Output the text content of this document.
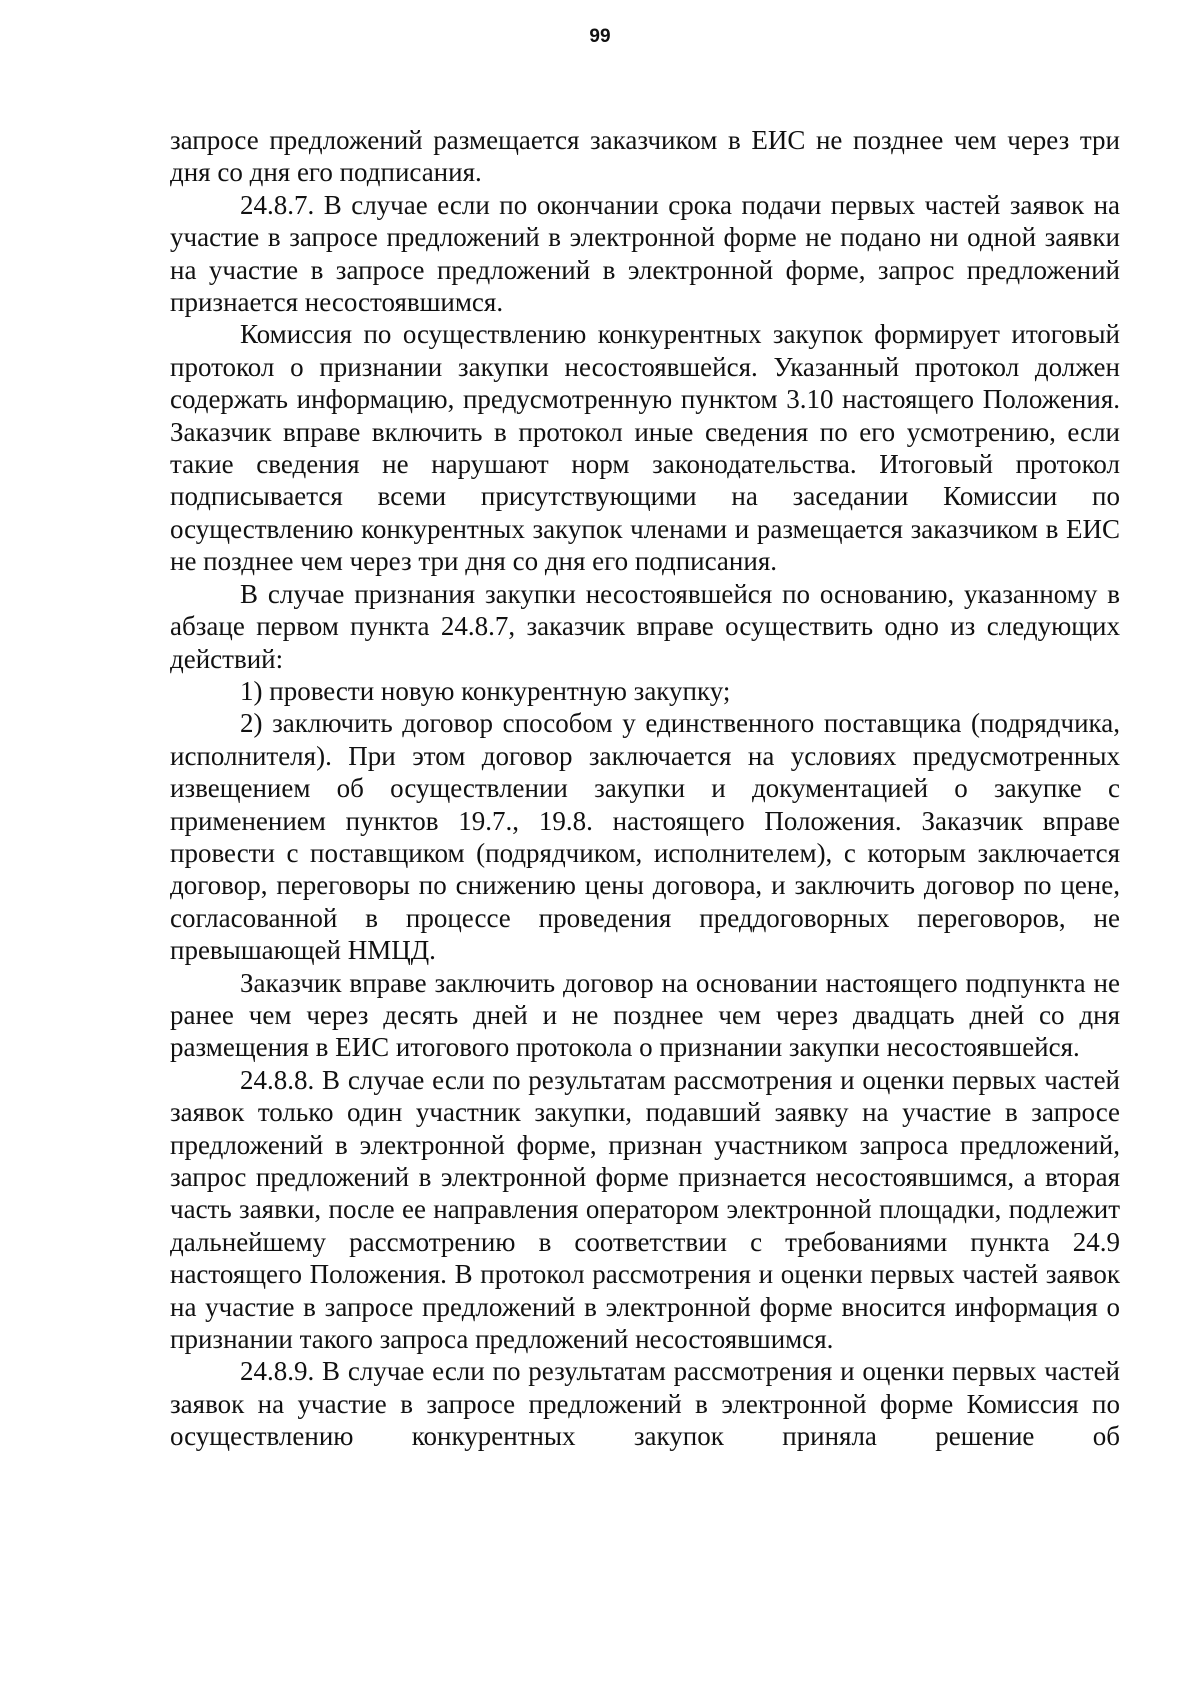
99

запросе предложений размещается заказчиком в ЕИС не позднее чем через три дня со дня его подписания.

24.8.7. В случае если по окончании срока подачи первых частей заявок на участие в запросе предложений в электронной форме не подано ни одной заявки на участие в запросе предложений в электронной форме, запрос предложений признается несостоявшимся.

Комиссия по осуществлению конкурентных закупок формирует итоговый протокол о признании закупки несостоявшейся. Указанный протокол должен содержать информацию, предусмотренную пунктом 3.10 настоящего Положения. Заказчик вправе включить в протокол иные сведения по его усмотрению, если такие сведения не нарушают норм законодательства. Итоговый протокол подписывается всеми присутствующими на заседании Комиссии по осуществлению конкурентных закупок членами и размещается заказчиком в ЕИС не позднее чем через три дня со дня его подписания.

В случае признания закупки несостоявшейся по основанию, указанному в абзаце первом пункта 24.8.7, заказчик вправе осуществить одно из следующих действий:

1) провести новую конкурентную закупку;

2) заключить договор способом у единственного поставщика (подрядчика, исполнителя). При этом договор заключается на условиях предусмотренных извещением об осуществлении закупки и документацией о закупке с применением пунктов 19.7., 19.8. настоящего Положения. Заказчик вправе провести с поставщиком (подрядчиком, исполнителем), с которым заключается договор, переговоры по снижению цены договора, и заключить договор по цене, согласованной в процессе проведения преддоговорных переговоров, не превышающей НМЦД.

Заказчик вправе заключить договор на основании настоящего подпункта не ранее чем через десять дней и не позднее чем через двадцать дней со дня размещения в ЕИС итогового протокола о признании закупки несостоявшейся.

24.8.8. В случае если по результатам рассмотрения и оценки первых частей заявок только один участник закупки, подавший заявку на участие в запросе предложений в электронной форме, признан участником запроса предложений, запрос предложений в электронной форме признается несостоявшимся, а вторая часть заявки, после ее направления оператором электронной площадки, подлежит дальнейшему рассмотрению в соответствии с требованиями пункта 24.9 настоящего Положения. В протокол рассмотрения и оценки первых частей заявок на участие в запросе предложений в электронной форме вносится информация о признании такого запроса предложений несостоявшимся.

24.8.9. В случае если по результатам рассмотрения и оценки первых частей заявок на участие в запросе предложений в электронной форме Комиссия по осуществлению конкурентных закупок приняла решение об
